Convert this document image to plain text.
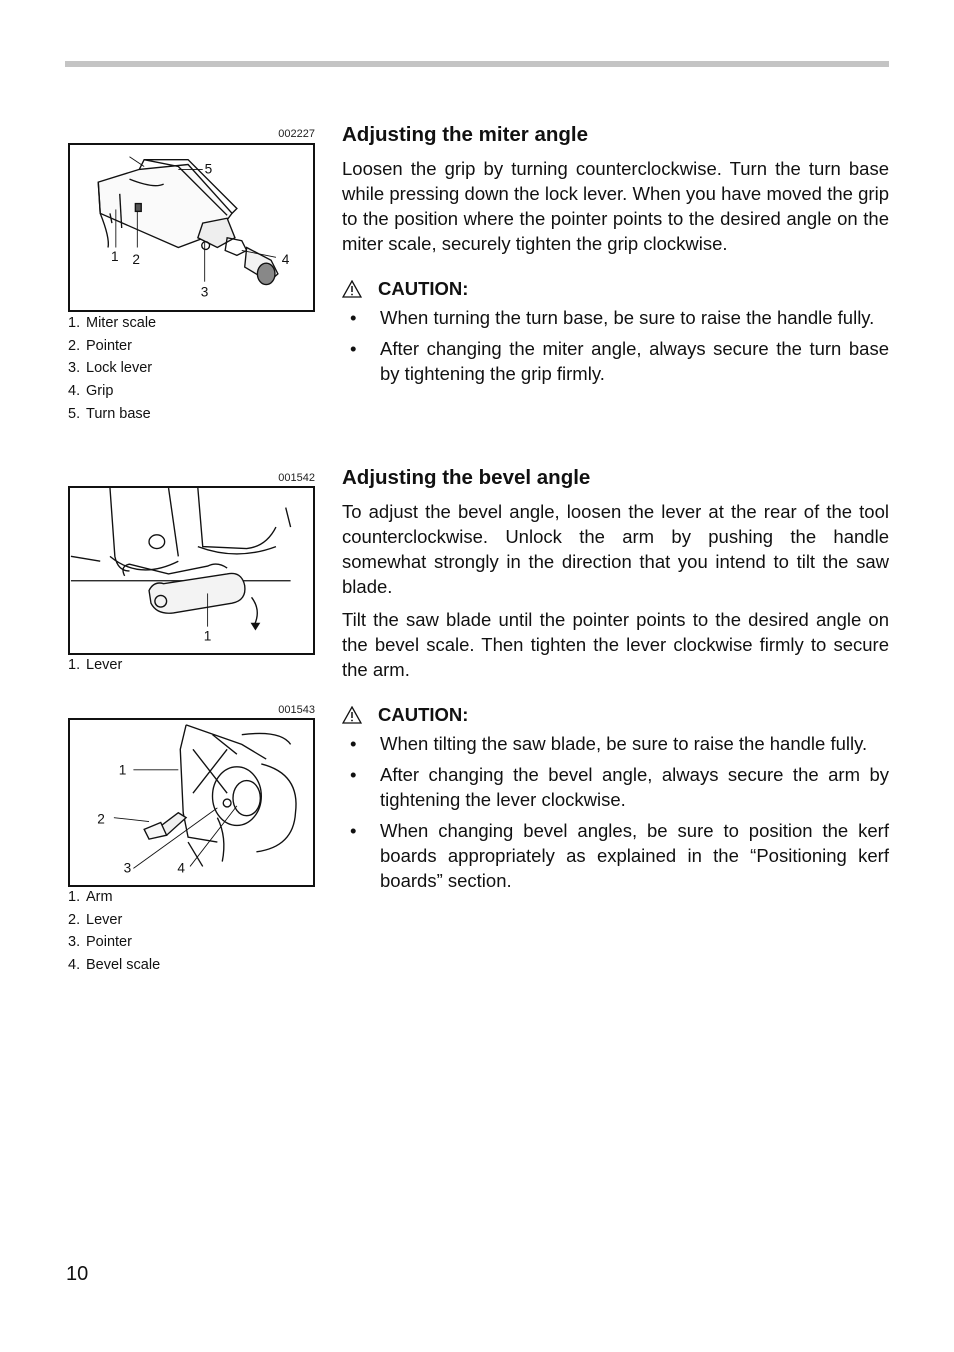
002227
1 2
3
4
5
1. Miter scale
2. Pointer
3. Lock lever
4. Grip
5. Turn base
001542
1
1. Lever
001543
1
2
3	4
1. Arm
2. Lever
3. Pointer
4. Bevel scale
Adjusting the miter angle

Loosen the grip by turning counterclockwise. Turn the turn base while pressing down the lock lever. When you have moved the grip to the position where the pointer points to the desired angle on the miter scale, securely tighten the grip clockwise.

CAUTION:
• When turning the turn base, be sure to raise the handle fully.
• After changing the miter angle, always secure the turn base by tightening the grip firmly.
Adjusting the bevel angle

To adjust the bevel angle, loosen the lever at the rear of the tool counterclockwise. Unlock the arm by pushing the handle somewhat strongly in the direction that you intend to tilt the saw blade.

Tilt the saw blade until the pointer points to the desired angle on the bevel scale. Then tighten the lever clockwise firmly to secure the arm.

CAUTION:
• When tilting the saw blade, be sure to raise the handle fully.
• After changing the bevel angle, always secure the arm by tightening the lever clockwise.
• When changing bevel angles, be sure to position the kerf boards appropriately as explained in the “Positioning kerf boards” section.
10
